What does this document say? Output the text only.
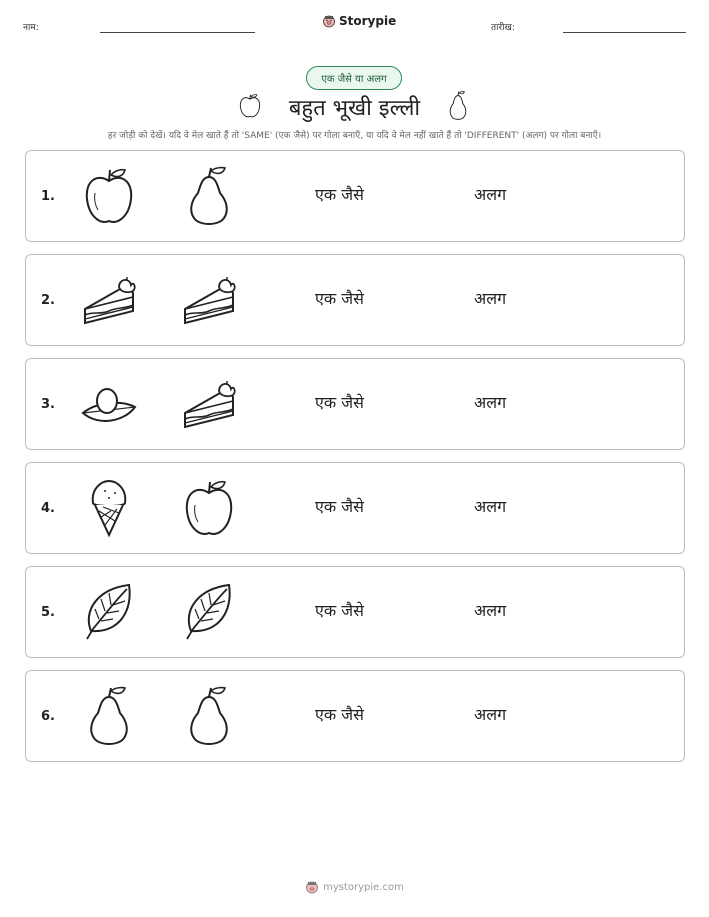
नाम:	Storypie	तारीख:
एक जैसे या अलग
बहुत भूखी इल्ली
हर जोड़ी को देखें। यदि वे मेल खाते हैं तो 'SAME' (एक जैसे) पर गोला बनाएँ, या यदि वे मेल नहीं खाते हैं तो 'DIFFERENT' (अलग) पर गोला बनाएँ।
1.	एक जैसे	अलग
2.	एक जैसे	अलग
3.	एक जैसे	अलग
4.	एक जैसे	अलग
5.	एक जैसे	अलग
6.	एक जैसे	अलग
mystorypie.com
